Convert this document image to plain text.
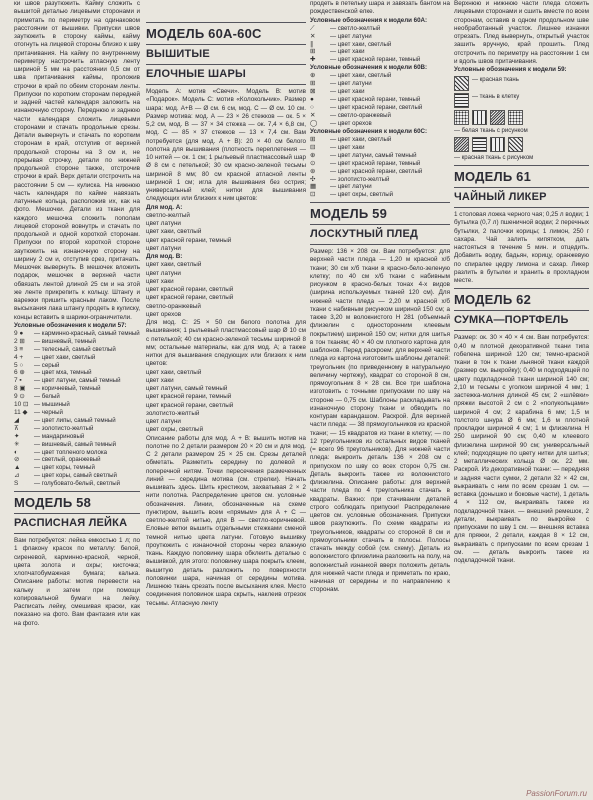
ки швов разутюжить. Кайму сложить с вышитой деталью лицевыми сторонами и приметать по периметру на одинаковом расстоянии от вышивки. Припуски швов заутюжить в сторону каймы, кайму отогнуть на лицевой стороны близко к шву притачивания. На кайму по внутреннему периметру настрочить атласную ленту шириной 5 мм на расстоянии 0,5 см от шва притачивания каймы, проложив строчки в край по обеим сторонам ленты. Припуски по коротким сторонам передней и задней частей календаря заложить на изнаночную сторону. Переднюю и заднюю части календаря сложить лицевыми сторонами и стачать продольные срезы. Детали вывернуть и стачать по коротким сторонам в край, отступив от верхней продольной стороны на 3 см и, не прерывая строчку, детали по нижней продольной стороне также, отстрочив строчки в край. Верх детали отстрочить на расстоянии 5 см — кулиска. На нижнюю часть календаря по кайме навязать латунные кольца, расположив их, как на фото. Мешочки. Детали из ткани для каждого мешочка сложить пополам лицевой стороной вовнутрь и стачать по продольной и одной короткой сторонам. Припуски по второй короткой стороне заутюжить на изнаночную сторону на ширину 2 см и, отступив срез, притачать. Мешочек вывернуть. В мешочек вложить подарок, мешочек в верхней части обвязать лентой длиной 25 см и на этой же ленте прикрепить к кольцу. Штангу и варежки пришить красным лаком. После высыхания лака штангу продеть в кулиску, концы вставить в шарики-ограничители.

Условные обозначения к модели 57:

9 ●	— карминно-красный, самый темный
2 ⊞	— вишневый, темный
3 ≡	— телесный, самый светлый
4 +	— цвет хаки, светлый
5 ○	— серый
6 ⊕	— цвет мха, темный
7 ▪	— цвет латуни, самый темный
8 ▣	— коричневый, темный
9 ⊙	— белый
10 ⊡ — мышиный
11 ◆	— черный
◢	— цвет липы, самый темный
⊼	— золотисто-желтый
✦	— мандариновый
✳	— вишневый, самый темный
◐	— цвет топленого молока
⊘	— светлый, оранжевый
▲	— цвет коры, темный
⊿	— цвет коры, самый светлый
S	— голубовато-белый, светлый

МОДЕЛЬ 58

РАСПИСНАЯ ЛЕЙКА

Вам потребуется: лейка емкостью 1 л; по 1 флакону красок по металлу: белой, сиреневой, карминно-красной, черной, цвета золота и охры; кисточка; хлопчатобумажная бумага; калька. Описание работы: мотив перевести на кальку и затем при помощи копировальной бумаги на лейку. Расписать лейку, смешивая краски, как показано на фото. Вам фантазия или как на фото.

МОДЕЛЬ 60А-60С

ВЫШИТЫЕ

ЕЛОЧНЫЕ ШАРЫ

Модель А: мотив «Свечи». Модель В: мотив «Подарок». Модель С: мотив «Колокольчик». Размер шара: мод. А+В — Ø см. 6 см, мод. С — Ø см. 10 см. Размер мотива: мод. А — 23 × 26 стежков — ок. 5 × 5,2 см, мод. В — 37 × 34 стежка — ок. 7,4 × 6,8 см, мод. С — 85 × 37 стежков — 13 × 7,4 см. Вам потребуется (для мод. А + В): 20 × 40 см белого полотна для вышивания (плотность переплетения — 10 нитей — ок. 1 см; 1 рыльевый пластмассовый шар Ø 8 см с петелькой; 30 см красно-зеленой тесьмы шириной 8 мм; 80 см красной атласной ленты шириной 1 см; игла для вышивания без острия; универсальный клей; нитки для вышивания следующих или близких к ним цветов:

Для мод. А:

светло-желтый

цвет латуни

цвет хаки, светлый

цвет красной герани, темный

цвет латуни

Для мод. В:

цвет хаки, светлый

цвет латуни

цвет хаки

цвет красной герани, светлый

цвет красной герани, светлый

светло-оранжевый

цвет орехов

Для мод. С: 25 × 50 см белого полотна для вышивания; 1 рыльевый пластмассовый шар Ø 10 см с петелькой; 40 см красно-зеленой тесьмы шириной 8 мм; остальные материалы, как для мод. А; а также нитки для вышивания следующих или близких к ним цветов:

цвет хаки, светлый

цвет хаки

цвет латуни, самый темный

цвет красной герани, темный

цвет красной герани, светлый

золотисто-желтый

цвет латуни

цвет охры, светлый

Описание работы для мод. А + В: вышить мотив на полотне по 2 детали размером 20 × 20 см и для мод. С 2 детали размером 25 × 25 см. Срезы деталей обметать. Разметить середину по долевой и поперечной нитям. Точки пересечения размеченных линий — середина мотива (см. стрелки). Начать вышивать здесь. Шить крестиком, захватывая 2 × 2 нити полотна. Распределение цветов см. условные обозначения. Линии, обозначенные на схеме пунктиром, вышить всем «прямым» для А + С — светло-желтой нитью, для В — светло-коричневой. Еловые ветки вышить отдельными стежками сменой темной нитью цвета латуни. Готовую вышивку проутюжить с изнаночной стороны через влажную ткань. Каждую половинку шара обклеить деталью с вышивкой, для этого: половинку шара покрыть клеем, вышитую деталь разложить по поверхности половинки шара, начиная от середины мотива. Лишнюю ткань срезать после высыхания клея. Место соединения половинок шара скрыть, наклеив отрезок тесьмы. Атласную ленту

продеть в петельку шара и завязать бантом на рождественской елке.

Условные обозначения к модели 60А:

⟋	— светло-желтый
✕	— цвет латуни
∥	— цвет хаки, светлый
⊞	— цвет хаки
✚	— цвет красной герани, темный

Условные обозначения к модели 60В:

⊕	— цвет хаки, светлый
⊞	— цвет латуни
⊠	— цвет хаки
●	— цвет красной герани, темный
○	— цвет красной герани, светлый
✕	— светло-оранжевый
◯	— цвет орехов

Условные обозначения к модели 60С:

⊞	— цвет хаки, светлый
⊟	— цвет хаки
⊕	— цвет латуни, самый темный
⊙	— цвет красной герани, темный
⊛	— цвет красной герани, светлый
✣	— золотисто-желтый
▦	— цвет латуни
⊡	— цвет охры, светлый

МОДЕЛЬ 59

ЛОСКУТНЫЙ ПЛЕД

Размер: 136 × 208 см. Вам потребуется: для верхней части пледа — 1,20 м красной х/б ткани; 30 см х/б ткани в красно-бело-зеленую клетку; по 40 см х/б ткани с набивным рисунком в красно-белых тонах 4-х видов (ширина используемых тканей 120 см). Для нижней части пледа — 2,20 м красной х/б ткани с набивным рисунком шириной 150 см; а также 3,20 м волокнистого H 281 (объемный флизелин с односторонним клеевым покрытием) шириной 150 см; нитки для шитья в тон тканям; 40 × 40 см плотного картона для шаблонов. Перед раскроем: для верхней части пледа из картона изготовить шаблоны деталей: треугольник (по приведенному в натуральную величину чертежу), квадрат со стороной 8 см, прямоугольник 8 × 28 см. Все три шаблона изготовить с точными припусками по шву на стороне — 0,75 см. Шаблоны раскладывать на изнаночную сторону ткани и обводить по контурам карандашом. Раскрой. Для верхней части пледа: — 38 прямоугольников из красной ткани; — 15 квадратов из ткани в клетку; — по 12 треугольников из остальных видов тканей (= всего 96 треугольников). Для нижней части пледа: выкроить деталь 136 × 208 см с припуском по шву со всех сторон 0,75 см. Деталь выкроить также из волокнистого флизелина. Описание работы: для верхней части пледа по 4 треугольника стачать в квадраты. Важно: при стачивании деталей строго соблюдать припуски! Распределение цветов см. условные обозначения. Припуски швов разутюжить. По схеме квадраты из треугольников, квадраты со стороной 8 см и прямоугольники стачать в полосы. Полосы стачать между собой (см. схему). Деталь из волокнистого флизелина разложить на полу, на волокнистый изнанкой вверх положить деталь для нижней части пледа и приметать по краю, начиная от середины и по направлению к сторонам.

Верхнюю и нижнюю части пледа сложить лицевыми сторонами и сшить вместе по всем сторонам, оставив в одном продольном шве необработанный участок. Лишнее изнанки отрезать. Плед вывернуть, открытый участок зашить вручную, край прошить. Плед отстрочить по периметру на расстоянии 1 см и вдоль швов притачивания.

Условные обозначения к модели 59:

— красная ткань
— ткань в клетку

— белая ткань с рисунком

— красная ткань с рисунком

МОДЕЛЬ 61

ЧАЙНЫЙ ЛИКЕР

1 столовая ложка черного чая; 0,25 л водки; 1 бутылка (0,7 л) пшеничной водки; 2 перечных бутылки, 2 палочки корицы; 1 лимон, 250 г сахара. Чай залить кипятком, дать настояться в течение 5 мин. и отцедить. Добавить водку, бадьян, корицу, оранжевую по спиралке цедру лимона и сахар. Ликер разлить в бутылки и хранить в прохладном месте.

МОДЕЛЬ 62

СУМКА—ПОРТФЕЛЬ

Размер: ок. 30 × 40 × 4 см. Вам потребуется: 0,40 м плотной декоративной ткани типа гобелена шириной 120 см; темно-красной ткани в тон к ткани льняной ткани каждой (размер см. выкройку); 0,40 м подходящей по цвету подкладочной ткани шириной 140 см; 2,10 м тесьмы с уголком шириной 4 мм; 1 застежка-молния длиной 45 см; 2 «шлёвки» пряжки высотой 2 см с 2 «полукольцами» шириной 4 см; 2 карабина 6 мм; 1,5 м толстого шнура Ø 6 мм; 1,6 м плотной прокладки шириной 4 см; 1 м флизелина H 250 шириной 90 см; 0,40 м клеевого флизелина шириной 90 см; универсальный клей; подходящие по цвету нитки для шитья; 2 металлических кольца Ø ок. 22 мм. Раскрой. Из декоративной ткани: — передняя и задняя части сумки, 2 детали 32 × 42 см, выкраивать с ним по всем срезам 1 см. — вставка (донышко и боковые части), 1 деталь 4 × 112 см, выкраивать также из подкладочной ткани. — внешний ремешок, 2 детали, выкраивать по выкройке с припусками по шву 1 см. — внешняя вставка для пряжки, 2 детали, каждая 8 × 12 см, выкраивать с припусками по всем срезам 1 см. — деталь выкроить также из подкладочной ткани.

PassionForum.ru
